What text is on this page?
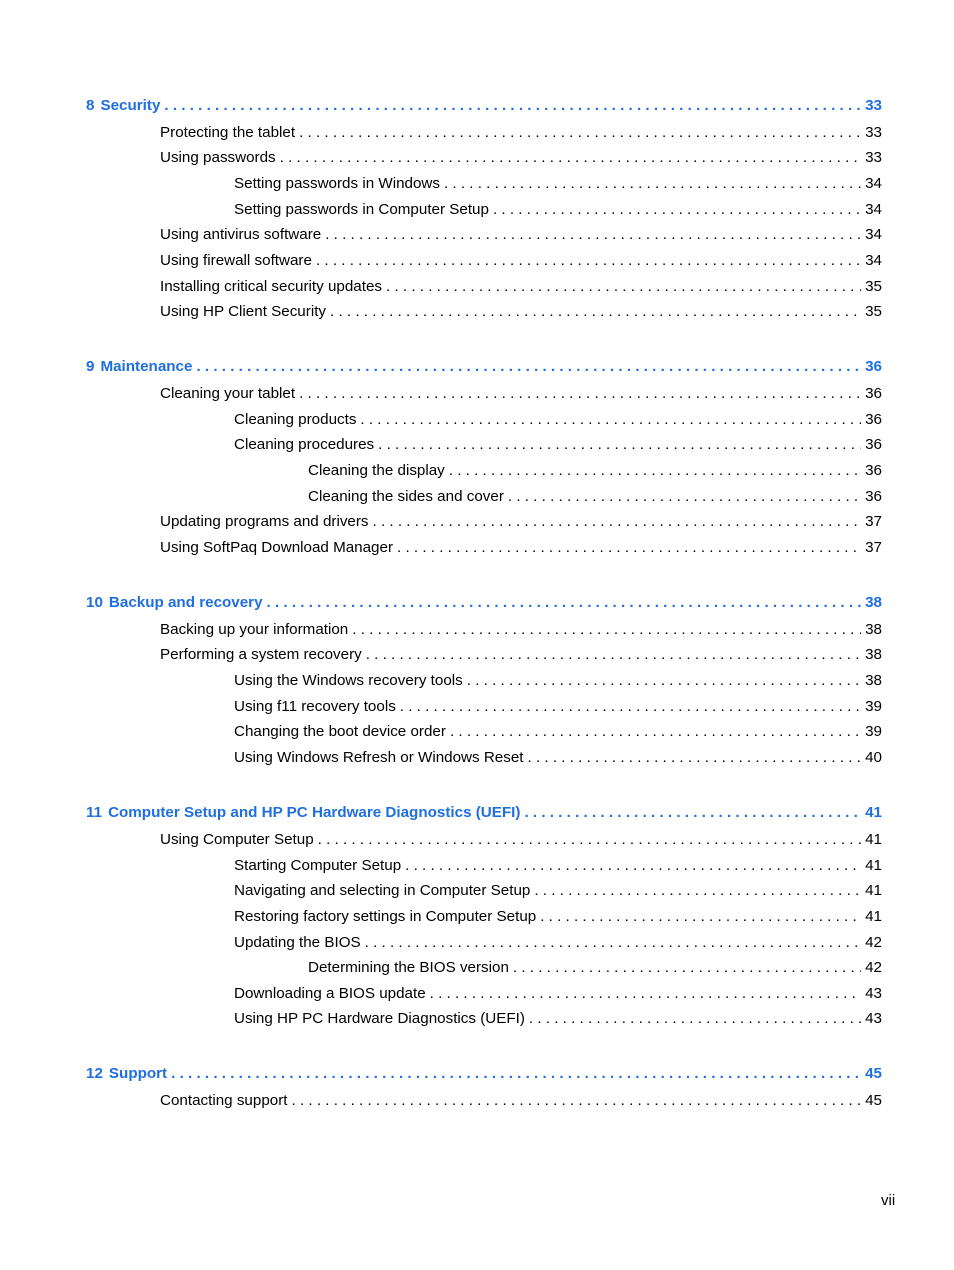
8 Security . . .	33
Protecting the tablet . . .	33
Using passwords . . .	33
Setting passwords in Windows . . .	34
Setting passwords in Computer Setup . . .	34
Using antivirus software . . .	34
Using firewall software . . .	34
Installing critical security updates . . .	35
Using HP Client Security . . .	35
9 Maintenance . . .	36
Cleaning your tablet . . .	36
Cleaning products . . .	36
Cleaning procedures . . .	36
Cleaning the display . . .	36
Cleaning the sides and cover . . .	36
Updating programs and drivers . . .	37
Using SoftPaq Download Manager . . .	37
10 Backup and recovery . . .	38
Backing up your information . . .	38
Performing a system recovery . . .	38
Using the Windows recovery tools . . .	38
Using f11 recovery tools . . .	39
Changing the boot device order . . .	39
Using Windows Refresh or Windows Reset . . .	40
11 Computer Setup and HP PC Hardware Diagnostics (UEFI) . . .	41
Using Computer Setup . . .	41
Starting Computer Setup . . .	41
Navigating and selecting in Computer Setup . . .	41
Restoring factory settings in Computer Setup . . .	41
Updating the BIOS . . .	42
Determining the BIOS version . . .	42
Downloading a BIOS update . . .	43
Using HP PC Hardware Diagnostics (UEFI) . . .	43
12 Support . . .	45
Contacting support . . .	45
vii
